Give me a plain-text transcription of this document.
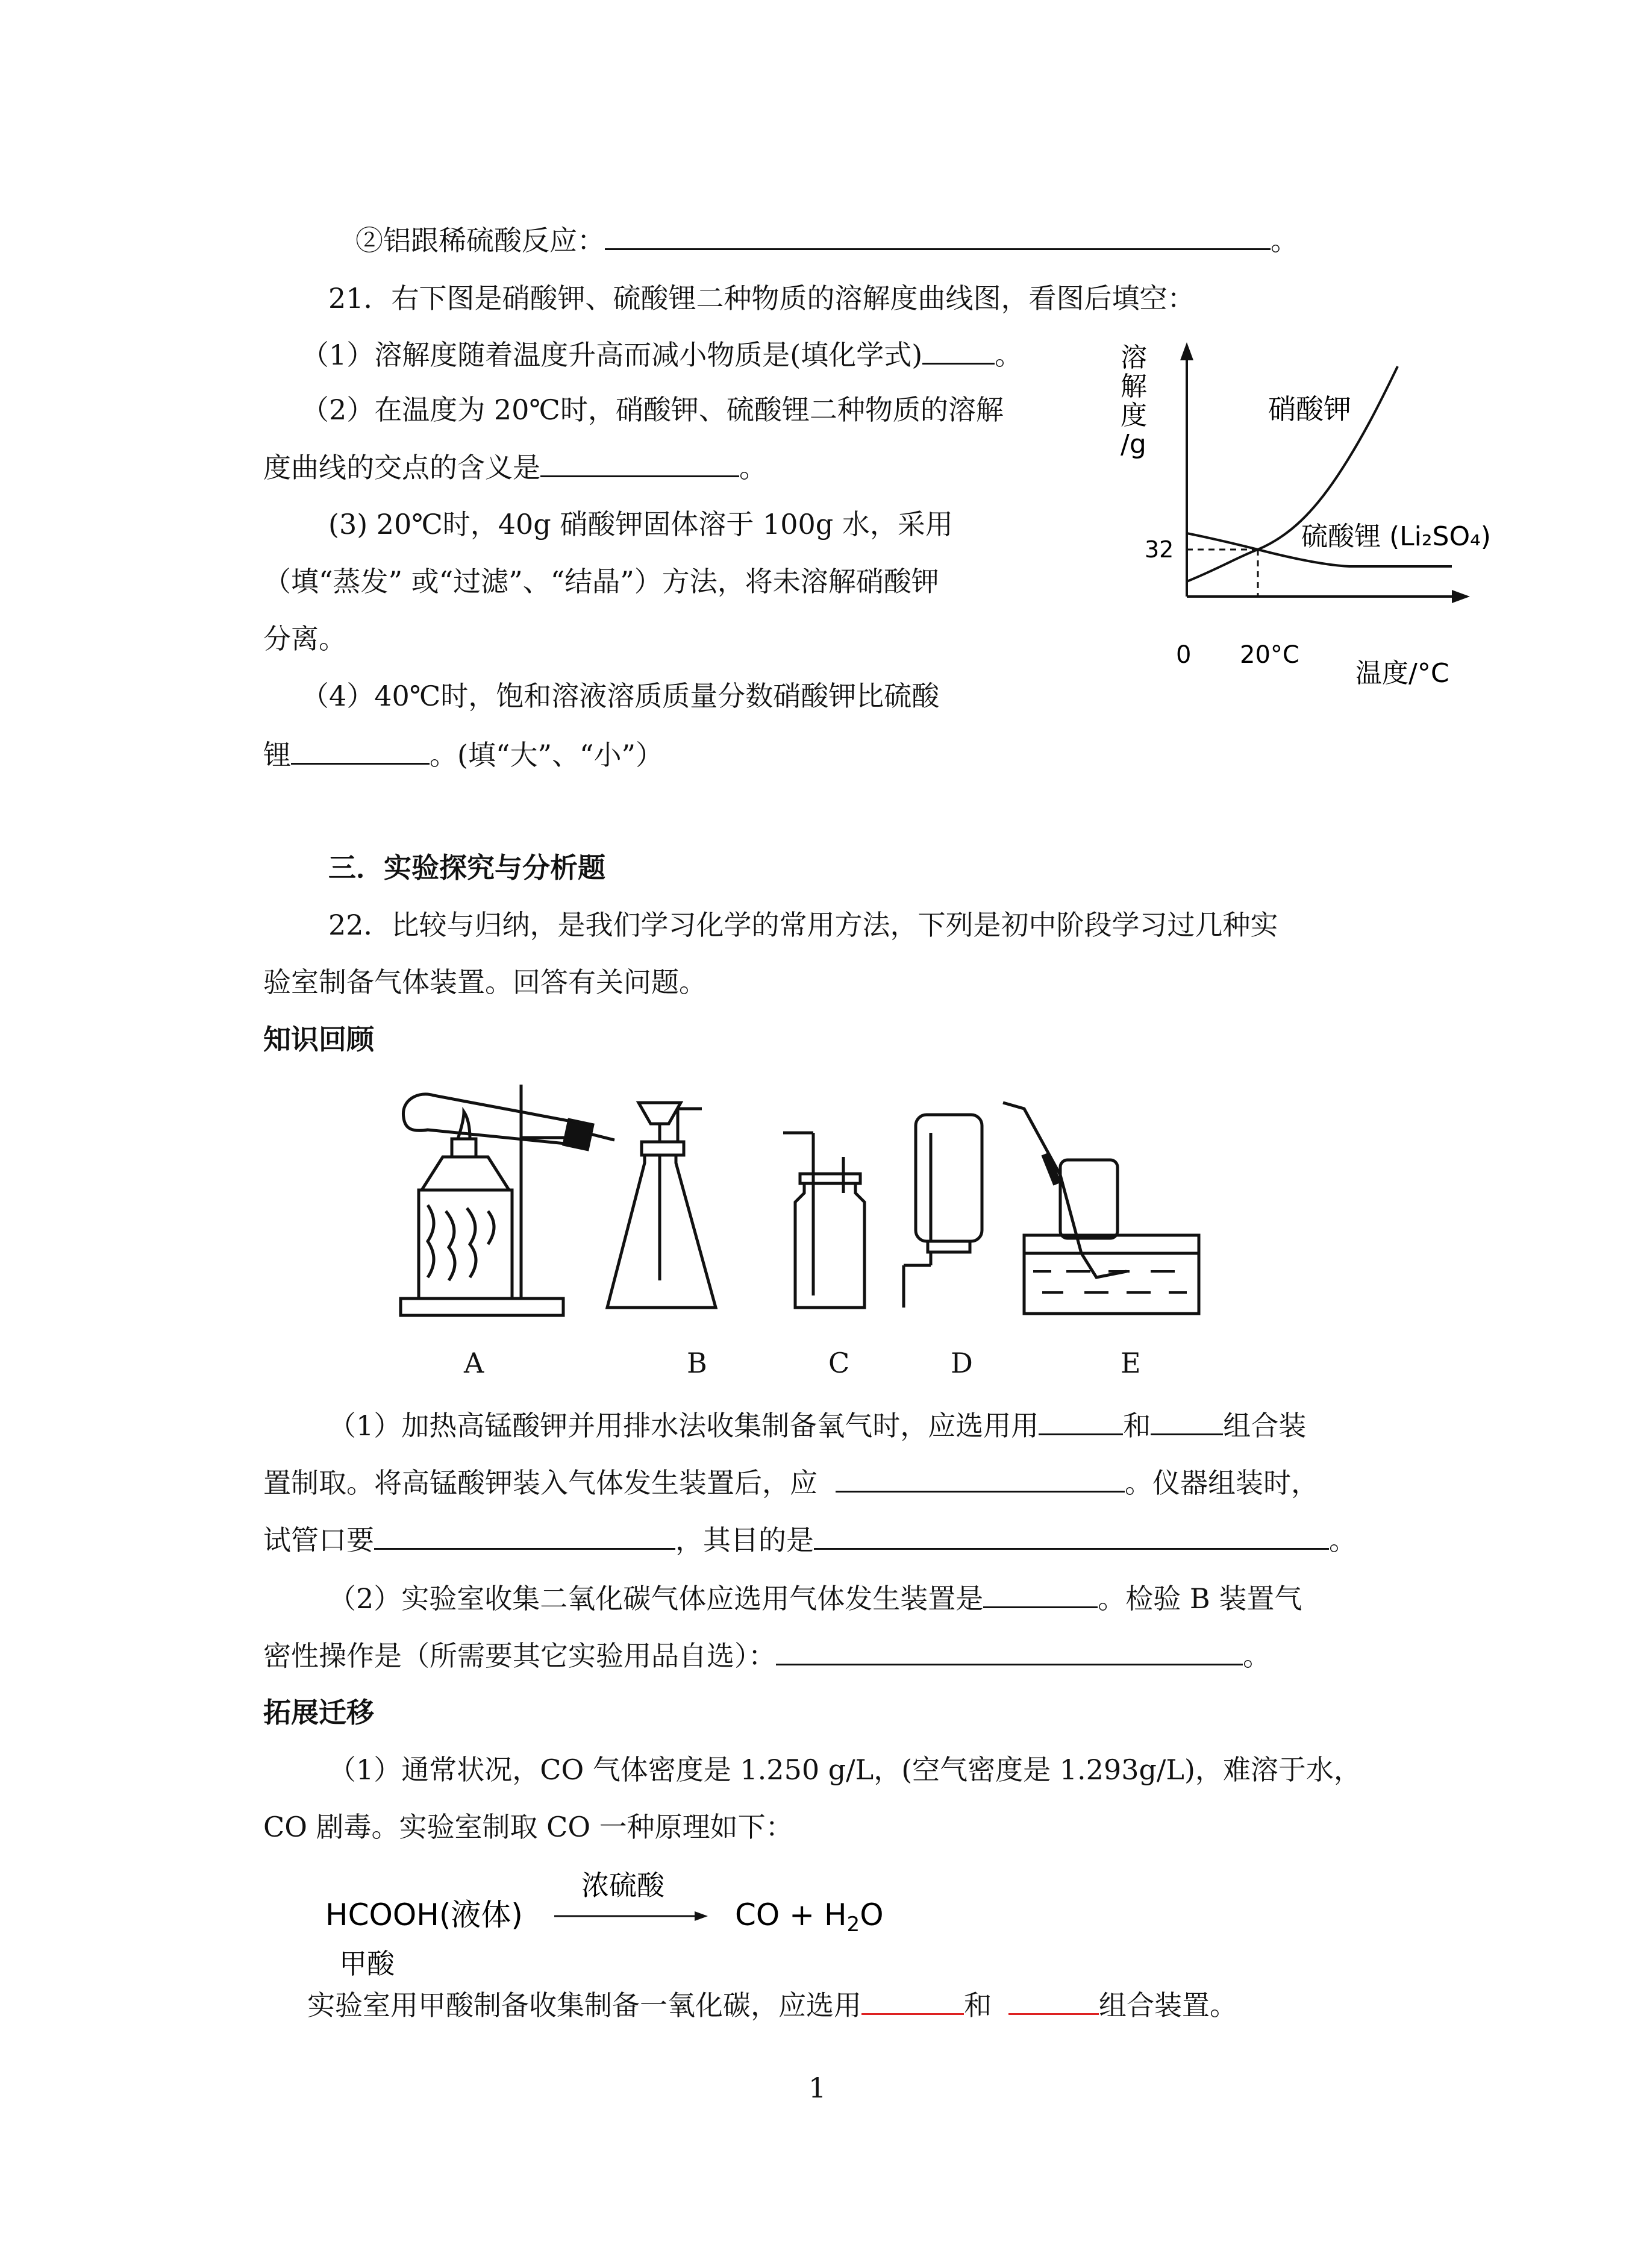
②铝跟稀硫酸反应：	。
21．右下图是硝酸钾、硫酸锂二种物质的溶解度曲线图，看图后填空：
（1）溶解度随着温度升高而减小物质是(填化学式)	。
（2）在温度为 20℃时，硝酸钾、硫酸锂二种物质的溶解
度曲线的交点的含义是	。
(3) 20℃时，40g 硝酸钾固体溶于 100g 水，采用
（填“蒸发” 或“过滤”、“结晶”）方法，将未溶解硝酸钾
分离。
（4）40℃时，饱和溶液溶质质量分数硝酸钾比硫酸
锂	。(填“大”、“小”）
溶解度/g
温度/°C
0 20°C
32
硝酸钾
硫酸锂 (Li₂SO₄)
三．实验探究与分析题
22．比较与归纳，是我们学习化学的常用方法，下列是初中阶段学习过几种实
验室制备气体装置。回答有关问题。
知识回顾
A	B	C	D	E
（1）加热高锰酸钾并用排水法收集制备氧气时，应选用用	和	组合装
置制取。将高锰酸钾装入气体发生装置后，应	。仪器组装时，
试管口要	，其目的是	。
（2）实验室收集二氧化碳气体应选用气体发生装置是	。检验 B 装置气
密性操作是（所需要其它实验用品自选）：	。
拓展迁移
（1）通常状况，CO 气体密度是 1.250 g/L，(空气密度是 1.293g/L)，难溶于水，
CO 剧毒。实验室制取 CO 一种原理如下：
HCOOH(液体)
甲酸
浓硫酸
CO + $H_2O$
实验室用甲酸制备收集制备一氧化碳，应选用	和	组合装置。
1
